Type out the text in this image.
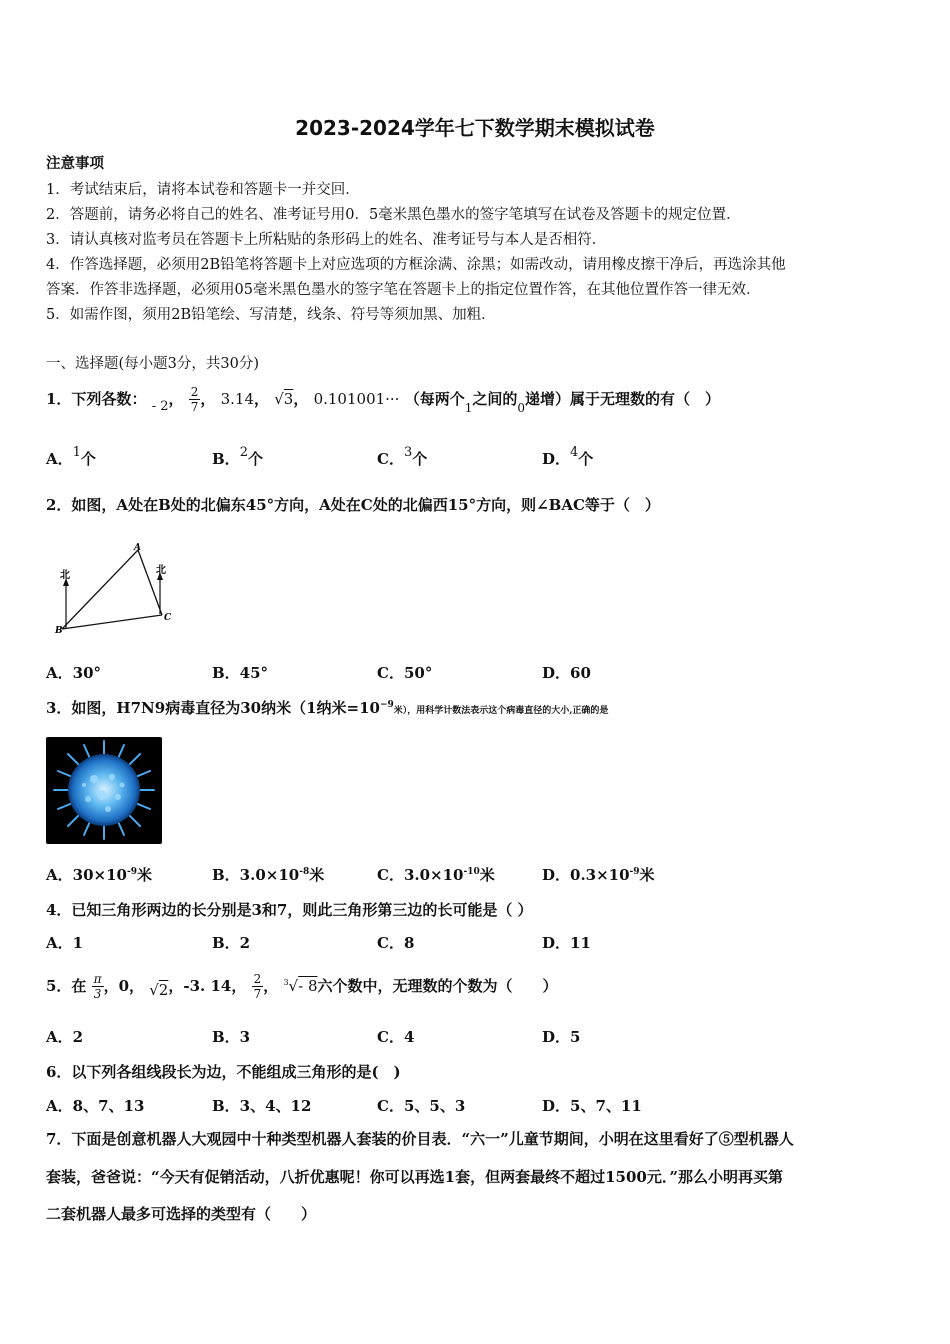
2023-2024学年七下数学期末模拟试卷
注意事项
1．考试结束后，请将本试卷和答题卡一并交回．
2．答题前，请务必将自己的姓名、准考证号用0．5毫米黑色墨水的签字笔填写在试卷及答题卡的规定位置．
3．请认真核对监考员在答题卡上所粘贴的条形码上的姓名、准考证号与本人是否相符．
4．作答选择题，必须用2B铅笔将答题卡上对应选项的方框涂满、涂黑；如需改动，请用橡皮擦干净后，再选涂其他
答案．作答非选择题，必须用05毫米黑色墨水的签字笔在答题卡上的指定位置作答，在其他位置作答一律无效．
5．如需作图，须用2B铅笔绘、写清楚，线条、符号等须加黑、加粗．
一、选择题(每小题3分，共30分)
1．下列各数： - 2， $\frac{2}{7}$ ， 3.14， √3， 0.101001··· （每两个$_1$之间的$_0$递增）属于无理数的有（　）
A．1个	B．2个	C．3个	D．4个
2．如图，A处在B处的北偏东45°方向，A处在C处的北偏西15°方向，则∠BAC等于（　）
北	北
A
B
C
A．30°	B．45°	C．50°	D．60
3．如图，H7N9病毒直径为30纳米（1纳米$=10^{-9}$米），用科学计数法表示这个病毒直径的大小,正确的是
A．$30\times 10^{-9}$米	B．$3.0\times 10^{-8}$米	C．$3.0\times 10^{-10}$米	D．$0.3\times 10^{-9}$米
4．已知三角形两边的长分别是3和7，则此三角形第三边的长可能是（ ）
A．1	B．2	C．8	D．11
5．在 $\frac{\pi}{3}$ ，0， √2，-3. 14， $\frac{2}{7}$ ， $^3$√- 8六个数中，无理数的个数为（　　）
A．2	B．3	C．4	D．5
6．以下列各组线段长为边，不能组成三角形的是(　)
A．8、7、13	B．3、4、12	C．5、5、3	D．5、7、11
7．下面是创意机器人大观园中十种类型机器人套装的价目表．“六一”儿童节期间，小明在这里看好了⑤型机器人
套装，爸爸说：“今天有促销活动，八折优惠呢！你可以再选1套，但两套最终不超过1500元．”那么小明再买第
二套机器人最多可选择的类型有（　　）
